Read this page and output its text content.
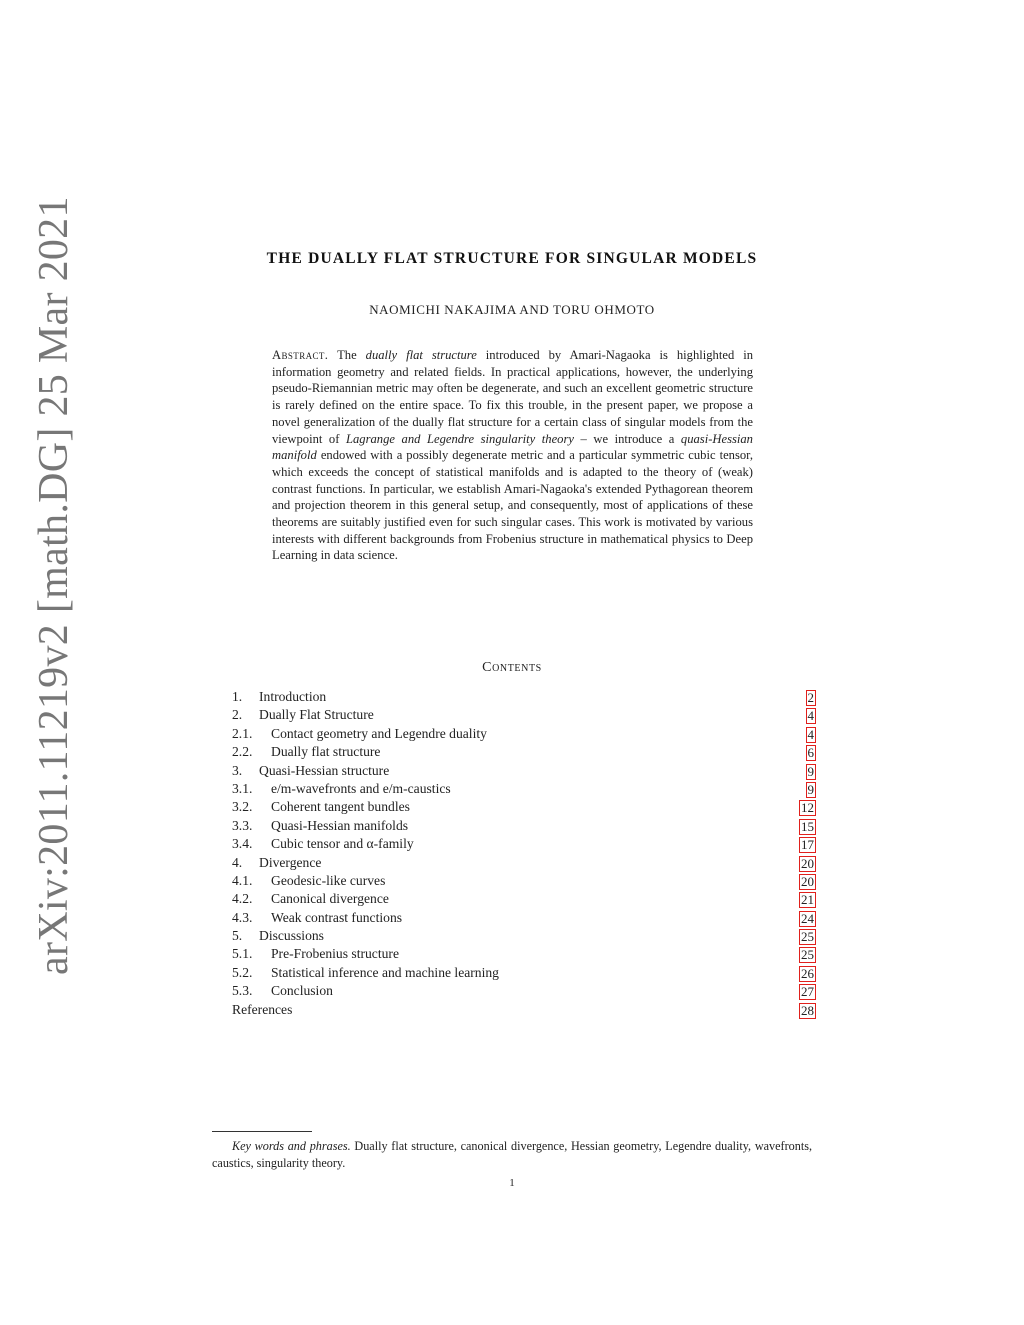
arXiv:2011.11219v2 [math.DG] 25 Mar 2021	THE DUALLY FLAT STRUCTURE FOR SINGULAR MODELS
NAOMICHI NAKAJIMA AND TORU OHMOTO
Abstract. The dually flat structure introduced by Amari-Nagaoka is highlighted in information geometry and related fields. In practical applications, however, the underlying pseudo-Riemannian metric may often be degenerate, and such an excellent geometric structure is rarely defined on the entire space. To fix this trouble, in the present paper, we propose a novel generalization of the dually flat structure for a certain class of singular models from the viewpoint of Lagrange and Legendre singularity theory – we introduce a quasi-Hessian manifold endowed with a possibly degenerate metric and a particular symmetric cubic tensor, which exceeds the concept of statistical manifolds and is adapted to the theory of (weak) contrast functions. In particular, we establish Amari-Nagaoka's extended Pythagorean theorem and projection theorem in this general setup, and consequently, most of applications of these theorems are suitably justified even for such singular cases. This work is motivated by various interests with different backgrounds from Frobenius structure in mathematical physics to Deep Learning in data science.
Contents
1. Introduction	2
2. Dually Flat Structure	4
2.1. Contact geometry and Legendre duality	4
2.2. Dually flat structure	6
3. Quasi-Hessian structure	9
3.1. e/m-wavefronts and e/m-caustics	9
3.2. Coherent tangent bundles	12
3.3. Quasi-Hessian manifolds	15
3.4. Cubic tensor and α-family	17
4. Divergence	20
4.1. Geodesic-like curves	20
4.2. Canonical divergence	21
4.3. Weak contrast functions	24
5. Discussions	25
5.1. Pre-Frobenius structure	25
5.2. Statistical inference and machine learning	26
5.3. Conclusion	27
References	28
Key words and phrases. Dually flat structure, canonical divergence, Hessian geometry, Legendre duality, wavefronts, caustics, singularity theory.
1
